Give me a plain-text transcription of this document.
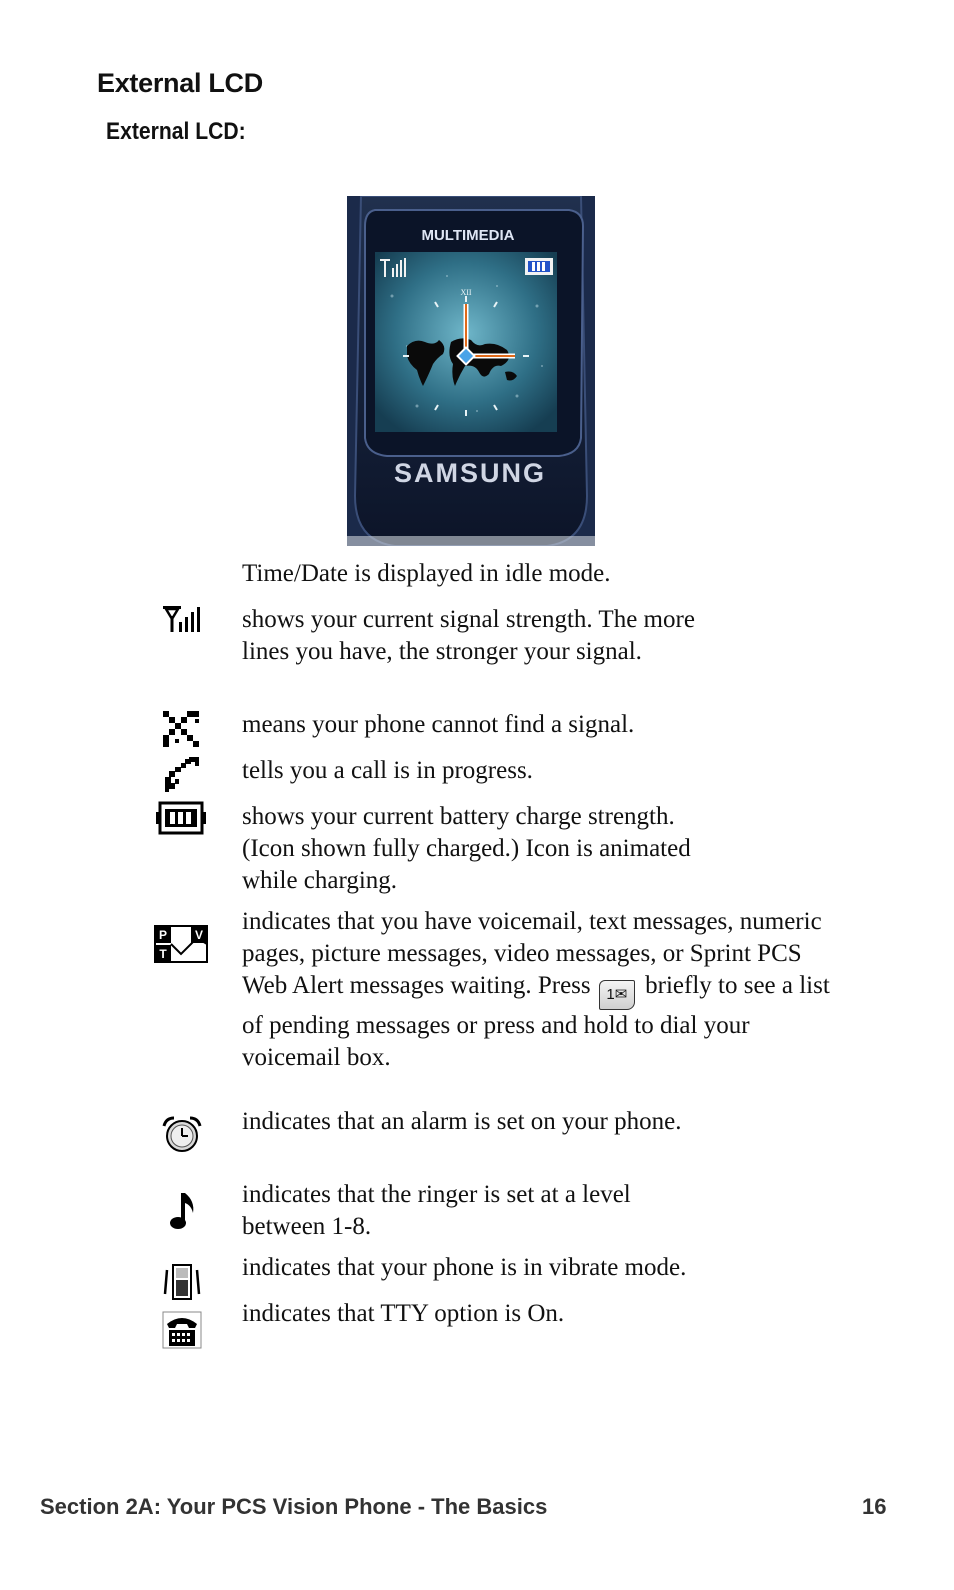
External LCD
External LCD:
MULTIMEDIA
XII
SAMSUNG
Time/Date is displayed in idle mode.
shows your current signal strength. The more lines you have, the stronger your signal.
means your phone cannot find a signal.
tells you a call is in progress.
shows your current battery charge strength. (Icon shown fully charged.) Icon is animated while charging.
P
T
V indicates that you have voicemail, text messages, numeric pages, picture messages, video messages, or Sprint PCS Web Alert messages waiting. Press 1✉ briefly to see a list of pending messages or press and hold to dial your voicemail box.
indicates that an alarm is set on your phone.
indicates that the ringer is set at a level between 1-8.
indicates that your phone is in vibrate mode.
indicates that TTY option is On.
Section 2A: Your PCS Vision Phone - The Basics	16
